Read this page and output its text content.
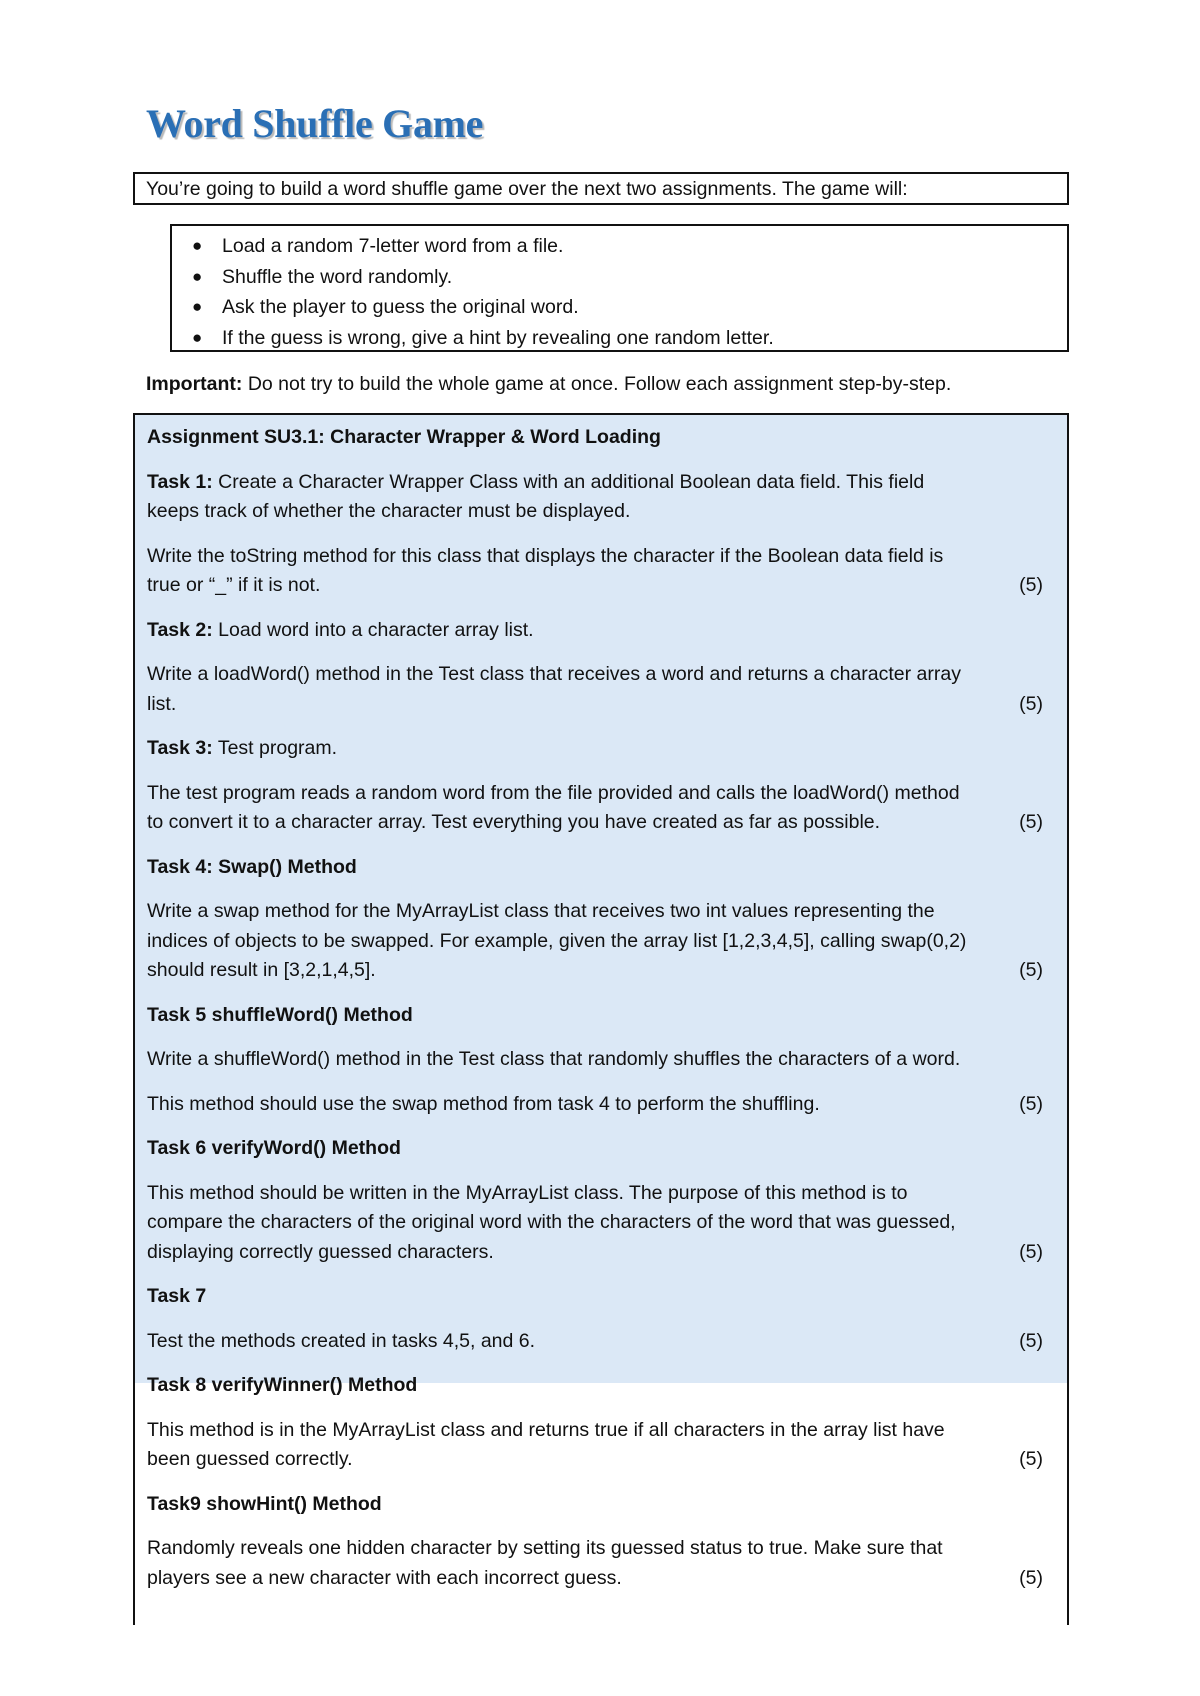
Word Shuffle Game
You’re going to build a word shuffle game over the next two assignments. The game will:
● Load a random 7-letter word from a file.
● Shuffle the word randomly.
● Ask the player to guess the original word.
● If the guess is wrong, give a hint by revealing one random letter.
Important: Do not try to build the whole game at once. Follow each assignment step-by-step.
Assignment SU3.1: Character Wrapper & Word Loading
Task 1: Create a Character Wrapper Class with an additional Boolean data field. This field
keeps track of whether the character must be displayed.
Write the toString method for this class that displays the character if the Boolean data field is
true or “_” if it is not.	(5)
Task 2: Load word into a character array list.
Write a loadWord() method in the Test class that receives a word and returns a character array
list.	(5)
Task 3: Test program.
The test program reads a random word from the file provided and calls the loadWord() method
to convert it to a character array. Test everything you have created as far as possible.	(5)
Task 4: Swap() Method
Write a swap method for the MyArrayList class that receives two int values representing the
indices of objects to be swapped. For example, given the array list [1,2,3,4,5], calling swap(0,2)
should result in [3,2,1,4,5].	(5)
Task 5 shuffleWord() Method
Write a shuffleWord() method in the Test class that randomly shuffles the characters of a word.
This method should use the swap method from task 4 to perform the shuffling.	(5)
Task 6 verifyWord() Method
This method should be written in the MyArrayList class. The purpose of this method is to
compare the characters of the original word with the characters of the word that was guessed,
displaying correctly guessed characters.	(5)
Task 7
Test the methods created in tasks 4,5, and 6.	(5)
Task 8 verifyWinner() Method
This method is in the MyArrayList class and returns true if all characters in the array list have
been guessed correctly.	(5)
Task9 showHint() Method
Randomly reveals one hidden character by setting its guessed status to true. Make sure that
players see a new character with each incorrect guess.	(5)
